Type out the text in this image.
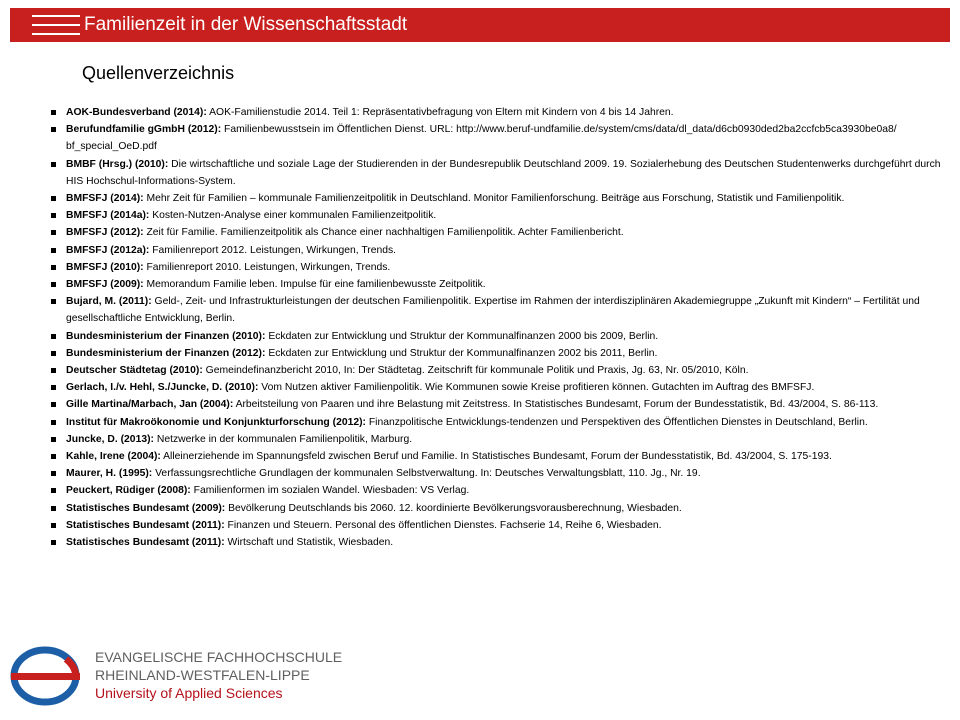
Familienzeit in der Wissenschaftsstadt
Quellenverzeichnis
AOK-Bundesverband (2014): AOK-Familienstudie 2014. Teil 1: Repräsentativbefragung von Eltern mit Kindern von 4 bis 14 Jahren.
Berufundfamilie gGmbH (2012): Familienbewusstsein im Öffentlichen Dienst. URL: http://www.beruf-undfamilie.de/system/cms/data/dl_data/d6cb0930ded2ba2ccfcb5ca3930be0a8/ bf_special_OeD.pdf
BMBF (Hrsg.) (2010): Die wirtschaftliche und soziale Lage der Studierenden in der Bundesrepublik Deutschland 2009. 19. Sozialerhebung des Deutschen Studentenwerks durchgeführt durch HIS Hochschul-Informations-System.
BMFSFJ (2014): Mehr Zeit für Familien – kommunale Familienzeitpolitik in Deutschland. Monitor Familienforschung. Beiträge aus Forschung, Statistik und Familienpolitik.
BMFSFJ (2014a): Kosten-Nutzen-Analyse einer kommunalen Familienzeitpolitik.
BMFSFJ (2012): Zeit für Familie. Familienzeitpolitik als Chance einer nachhaltigen Familienpolitik. Achter Familienbericht.
BMFSFJ (2012a): Familienreport 2012. Leistungen, Wirkungen, Trends.
BMFSFJ (2010): Familienreport 2010. Leistungen, Wirkungen, Trends.
BMFSFJ (2009): Memorandum Familie leben. Impulse für eine familienbewusste Zeitpolitik.
Bujard, M. (2011): Geld-, Zeit- und Infrastrukturleistungen der deutschen Familienpolitik. Expertise im Rahmen der interdisziplinären Akademiegruppe „Zukunft mit Kindern“ – Fertilität und gesellschaftliche Entwicklung, Berlin.
Bundesministerium der Finanzen (2010): Eckdaten zur Entwicklung und Struktur der Kommunalfinanzen 2000 bis 2009, Berlin.
Bundesministerium der Finanzen (2012): Eckdaten zur Entwicklung und Struktur der Kommunalfinanzen 2002 bis 2011, Berlin.
Deutscher Städtetag (2010): Gemeindefinanzbericht 2010, In: Der Städtetag. Zeitschrift für kommunale Politik und Praxis, Jg. 63, Nr. 05/2010, Köln.
Gerlach, I./v. Hehl, S./Juncke, D. (2010): Vom Nutzen aktiver Familienpolitik. Wie Kommunen sowie Kreise profitieren können. Gutachten im Auftrag des BMFSFJ.
Gille Martina/Marbach, Jan (2004): Arbeitsteilung von Paaren und ihre Belastung mit Zeitstress. In Statistisches Bundesamt, Forum der Bundesstatistik, Bd. 43/2004, S. 86-113.
Institut für Makroökonomie und Konjunkturforschung (2012): Finanzpolitische Entwicklungs-tendenzen und Perspektiven des Öffentlichen Dienstes in Deutschland, Berlin.
Juncke, D. (2013): Netzwerke in der kommunalen Familienpolitik, Marburg.
Kahle, Irene (2004): Alleinerziehende im Spannungsfeld zwischen Beruf und Familie. In Statistisches Bundesamt, Forum der Bundesstatistik, Bd. 43/2004, S. 175-193.
Maurer, H. (1995): Verfassungsrechtliche Grundlagen der kommunalen Selbstverwaltung. In: Deutsches Verwaltungsblatt, 110. Jg., Nr. 19.
Peuckert, Rüdiger (2008): Familienformen im sozialen Wandel. Wiesbaden: VS Verlag.
Statistisches Bundesamt (2009): Bevölkerung Deutschlands bis 2060. 12. koordinierte Bevölkerungsvorausberechnung, Wiesbaden.
Statistisches Bundesamt (2011): Finanzen und Steuern. Personal des öffentlichen Dienstes. Fachserie 14, Reihe 6, Wiesbaden.
Statistisches Bundesamt (2011): Wirtschaft und Statistik, Wiesbaden.
EVANGELISCHE FACHHOCHSCHULE
RHEINLAND-WESTFALEN-LIPPE
University of Applied Sciences
